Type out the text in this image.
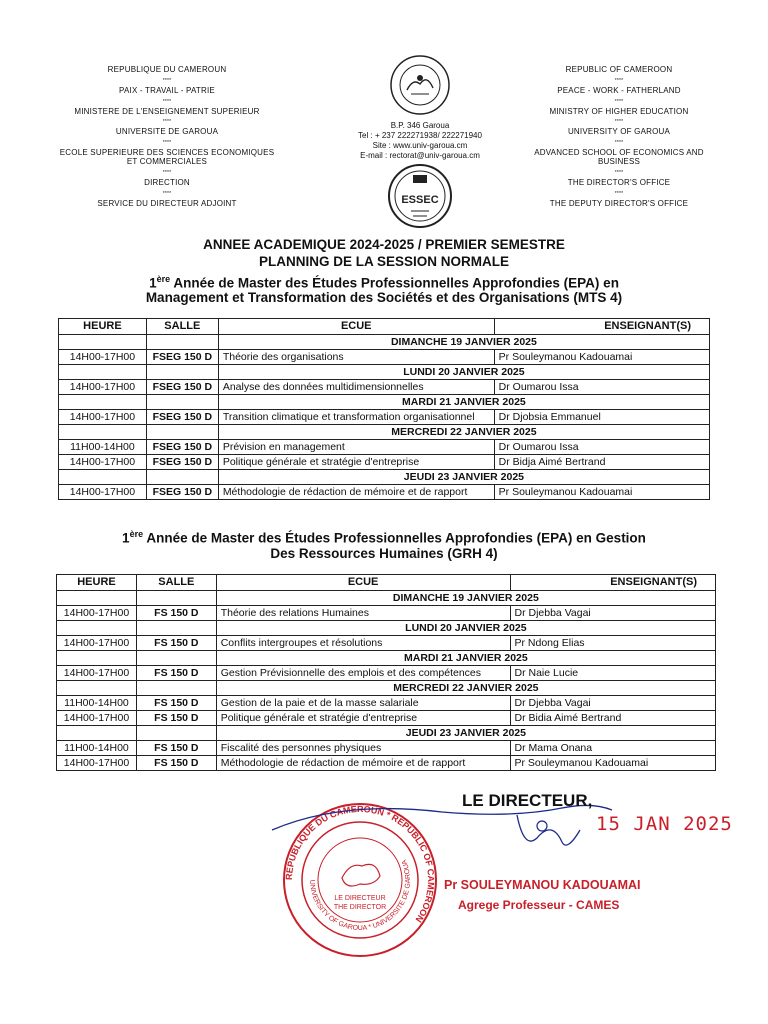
REPUBLIQUE DU CAMEROUN
****
PAIX - TRAVAIL - PATRIE
****
MINISTERE DE L'ENSEIGNEMENT SUPERIEUR
****
UNIVERSITE DE GAROUA
****
ECOLE SUPERIEURE DES SCIENCES ECONOMIQUES
ET COMMERCIALES
****
DIRECTION
****
SERVICE DU DIRECTEUR ADJOINT
REPUBLIC OF CAMEROON
****
PEACE - WORK - FATHERLAND
****
MINISTRY OF HIGHER EDUCATION
****
UNIVERSITY OF GAROUA
****
ADVANCED SCHOOL OF ECONOMICS AND
BUSINESS
****
THE DIRECTOR'S OFFICE
****
THE DEPUTY DIRECTOR'S OFFICE
B.P. 346 Garoua
Tel : + 237 222271938/ 222271940
Site : www.univ-garoua.cm
E-mail : rectorat@univ-garoua.cm
ESSEC
ANNEE ACADEMIQUE 2024-2025 / PREMIER SEMESTRE
PLANNING DE LA SESSION NORMALE
1ère Année de Master des Études Professionnelles Approfondies (EPA) en
Management et Transformation des Sociétés et des Organisations (MTS 4)
HEURE	SALLE	ECUE	ENSEIGNANT(S)
		DIMANCHE 19 JANVIER 2025	
14H00-17H00	FSEG 150 D	Théorie des organisations	Pr Souleymanou Kadouamai
		LUNDI 20 JANVIER 2025	
14H00-17H00	FSEG 150 D	Analyse des données multidimensionnelles	Dr Oumarou Issa
		MARDI 21 JANVIER 2025	
14H00-17H00	FSEG 150 D	Transition climatique et transformation organisationnel	Dr Djobsia Emmanuel
		MERCREDI 22 JANVIER 2025	
11H00-14H00	FSEG 150 D	Prévision en management	Dr Oumarou Issa
14H00-17H00	FSEG 150 D	Politique générale et stratégie d'entreprise	Dr Bidja Aimé Bertrand
		JEUDI 23 JANVIER 2025	
14H00-17H00	FSEG 150 D	Méthodologie de rédaction de mémoire et de rapport	Pr Souleymanou Kadouamai
1ère Année de Master des Études Professionnelles Approfondies (EPA) en Gestion
Des Ressources Humaines (GRH 4)
HEURE	SALLE	ECUE	ENSEIGNANT(S)
		DIMANCHE 19 JANVIER 2025	
14H00-17H00	FS 150 D	Théorie des relations Humaines	Dr Djebba Vagai
		LUNDI 20 JANVIER 2025	
14H00-17H00	FS 150 D	Conflits intergroupes et résolutions	Pr Ndong Elias
		MARDI 21 JANVIER 2025	
14H00-17H00	FS 150 D	Gestion Prévisionnelle des emplois et des compétences	Dr Naie Lucie
		MERCREDI 22 JANVIER 2025	
11H00-14H00	FS 150 D	Gestion de la paie et de la masse salariale	Dr Djebba Vagai
14H00-17H00	FS 150 D	Politique générale et stratégie d'entreprise	Dr Bidia Aimé Bertrand
		JEUDI 23 JANVIER 2025	
11H00-14H00	FS 150 D	Fiscalité des personnes physiques	Dr Mama Onana
14H00-17H00	FS 150 D	Méthodologie de rédaction de mémoire et de rapport	Pr Souleymanou Kadouamai
REPUBLIQUE DU CAMEROUN * REPUBLIC OF CAMEROON
UNIVERSITY OF GAROUA * UNIVERSITE DE GAROUA
LE DIRECTEUR
THE DIRECTOR
LE DIRECTEUR,
15 JAN 2025
Pr SOULEYMANOU KADOUAMAI
Agrege Professeur - CAMES
